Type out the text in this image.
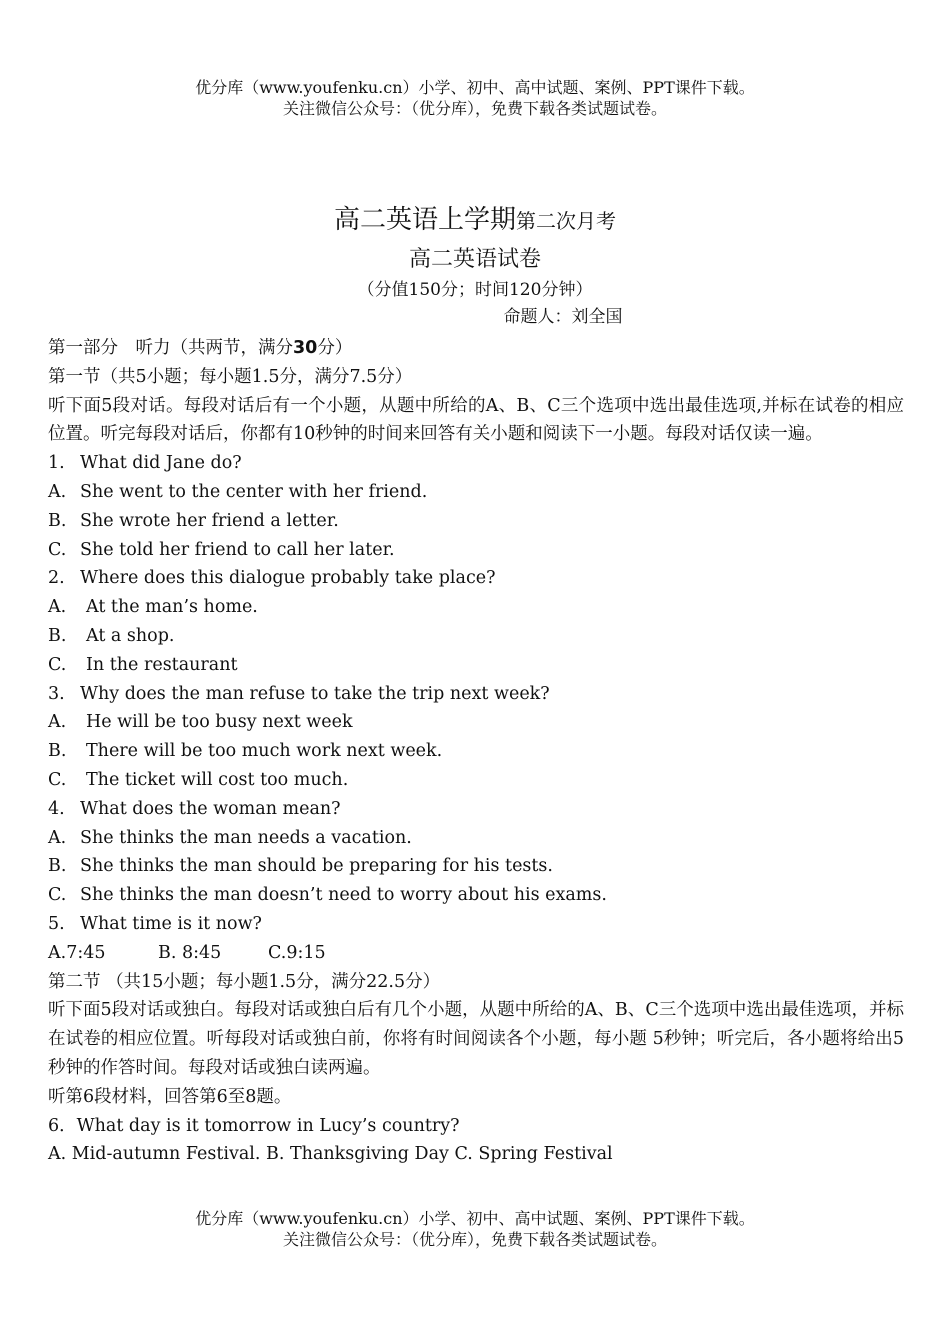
优分库（www.youfenku.cn）小学、初中、高中试题、案例、PPT课件下载。
关注微信公众号：（优分库），免费下载各类试题试卷。
高二英语上学期第二次月考
高二英语试卷
（分值150分；时间120分钟）
命题人：刘全国
第一部分　听力（共两节，满分30分）
第一节（共5小题；每小题1.5分，满分7.5分）
听下面5段对话。每段对话后有一个小题，从题中所给的A、B、C三个选项中选出最佳选项,并标在试卷的相应位置。听完每段对话后，你都有10秒钟的时间来回答有关小题和阅读下一小题。每段对话仅读一遍。
1. What did Jane do?
A. She went to the center with her friend.
B. She wrote her friend a letter.
C. She told her friend to call her later.
2. Where does this dialogue probably take place?
A. At the man’s home.
B. At a shop.
C. In the restaurant
3. Why does the man refuse to take the trip next week?
A. He will be too busy next week
B. There will be too much work next week.
C. The ticket will cost too much.
4. What does the woman mean?
A. She thinks the man needs a vacation.
B. She thinks the man should be preparing for his tests.
C. She thinks the man doesn’t need to worry about his exams.
5. What time is it now?
A.7:45	B. 8:45	C.9:15
第二节 （共15小题；每小题1.5分，满分22.5分）
听下面5段对话或独白。每段对话或独白后有几个小题，从题中所给的A、B、C三个选项中选出最佳选项，并标在试卷的相应位置。听每段对话或独白前，你将有时间阅读各个小题，每小题 5秒钟；听完后，各小题将给出5秒钟的作答时间。每段对话或独白读两遍。
听第6段材料，回答第6至8题。
6．What day is it tomorrow in Lucy’s country?
A. Mid-autumn Festival. B. Thanksgiving Day C. Spring Festival
优分库（www.youfenku.cn）小学、初中、高中试题、案例、PPT课件下载。
关注微信公众号：（优分库），免费下载各类试题试卷。
